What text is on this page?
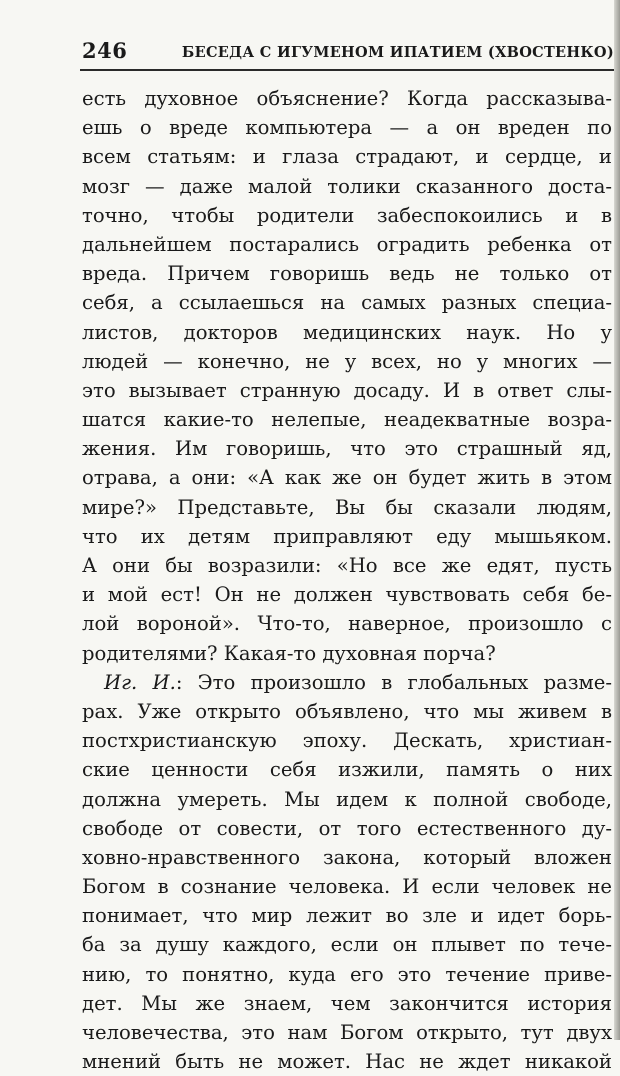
246	БЕСЕДА С ИГУМЕНОМ ИПАТИЕМ (ХВОСТЕНКО)
есть духовное объяснение? Когда рассказыва-
ешь о вреде компьютера — а он вреден по
всем статьям: и глаза страдают, и сердце, и
мозг — даже малой толики сказанного доста-
точно, чтобы родители забеспокоились и в
дальнейшем постарались оградить ребенка от
вреда. Причем говоришь ведь не только от
себя, а ссылаешься на самых разных специа-
листов, докторов медицинских наук. Но у
людей — конечно, не у всех, но у многих —
это вызывает странную досаду. И в ответ слы-
шатся какие-то нелепые, неадекватные возра-
жения. Им говоришь, что это страшный яд,
отрава, а они: «А как же он будет жить в этом
мире?» Представьте, Вы бы сказали людям,
что их детям приправляют еду мышьяком.
А они бы возразили: «Но все же едят, пусть
и мой ест! Он не должен чувствовать себя бе-
лой вороной». Что-то, наверное, произошло с
родителями? Какая-то духовная порча?
Иг. И.: Это произошло в глобальных разме-
рах. Уже открыто объявлено, что мы живем в
постхристианскую эпоху. Дескать, христиан-
ские ценности себя изжили, память о них
должна умереть. Мы идем к полной свободе,
свободе от совести, от того естественного ду-
ховно-нравственного закона, который вложен
Богом в сознание человека. И если человек не
понимает, что мир лежит во зле и идет борь-
ба за душу каждого, если он плывет по тече-
нию, то понятно, куда его это течение приве-
дет. Мы же знаем, чем закончится история
человечества, это нам Богом открыто, тут двух
мнений быть не может. Нас не ждет никакой
